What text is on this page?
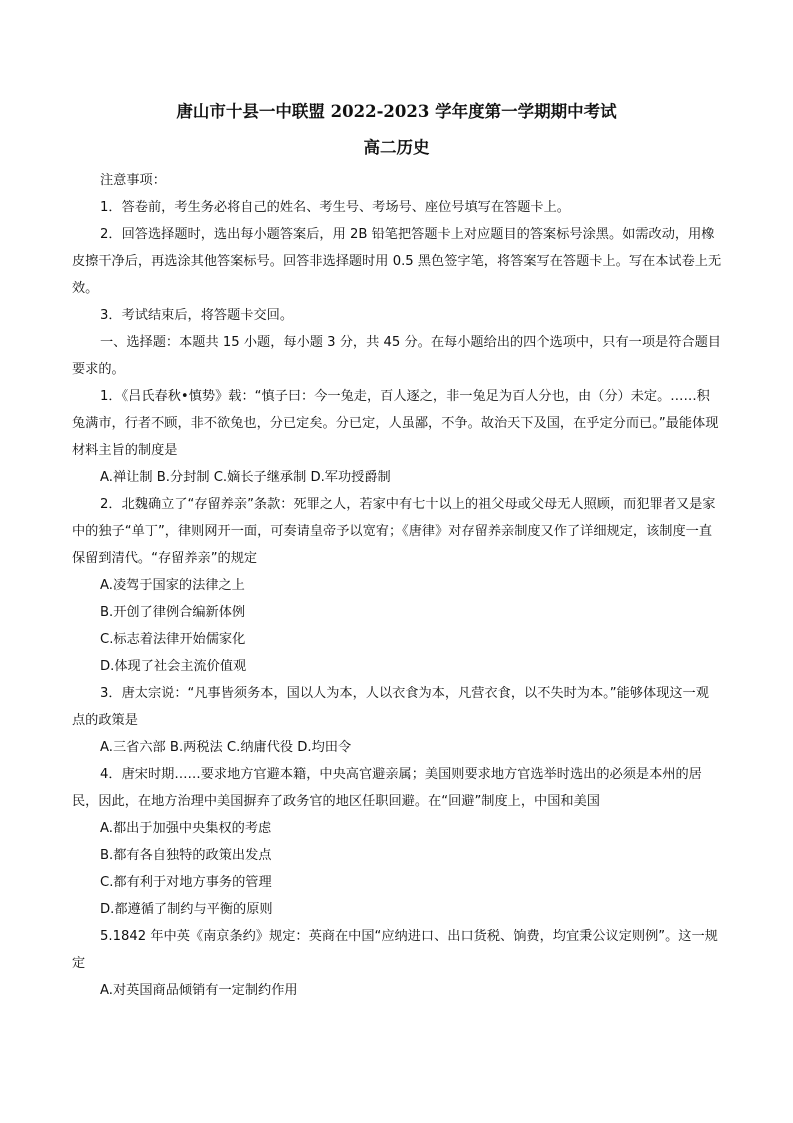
唐山市十县一中联盟 2022-2023 学年度第一学期期中考试
高二历史

注意事项：

1．答卷前，考生务必将自己的姓名、考生号、考场号、座位号填写在答题卡上。

2．回答选择题时，选出每小题答案后，用 2B 铅笔把答题卡上对应题目的答案标号涂黑。如需改动，用橡皮擦干净后，再选涂其他答案标号。回答非选择题时用 0.5 黑色签字笔，将答案写在答题卡上。写在本试卷上无效。

3．考试结束后，将答题卡交回。

一、选择题：本题共 15 小题，每小题 3 分，共 45 分。在每小题给出的四个选项中，只有一项是符合题目要求的。

1．《吕氏春秋•慎势》载：“慎子曰：今一兔走，百人逐之，非一兔足为百人分也，由（分）未定。……积兔满市，行者不顾，非不欲兔也，分已定矣。分已定，人虽鄙，不争。故治天下及国，在乎定分而已。”最能体现材料主旨的制度是

A.禅让制 B.分封制 C.嫡长子继承制 D.军功授爵制

2．北魏确立了“存留养亲”条款：死罪之人，若家中有七十以上的祖父母或父母无人照顾，而犯罪者又是家中的独子“单丁”，律则网开一面，可奏请皇帝予以宽宥；《唐律》对存留养亲制度又作了详细规定，该制度一直保留到清代。“存留养亲”的规定

A.凌驾于国家的法律之上

B.开创了律例合编新体例

C.标志着法律开始儒家化

D.体现了社会主流价值观

3．唐太宗说：“凡事皆须务本，国以人为本，人以衣食为本，凡营衣食，以不失时为本。”能够体现这一观点的政策是

A.三省六部 B.两税法 C.纳庸代役 D.均田令

4．唐宋时期……要求地方官避本籍，中央高官避亲属；美国则要求地方官选举时选出的必须是本州的居民，因此，在地方治理中美国摒弃了政务官的地区任职回避。在“回避”制度上，中国和美国

A.都出于加强中央集权的考虑

B.都有各自独特的政策出发点

C.都有利于对地方事务的管理

D.都遵循了制约与平衡的原则

5.1842 年中英《南京条约》规定：英商在中国“应纳进口、出口货税、饷费，均宜秉公议定则例”。这一规定

A.对英国商品倾销有一定制约作用
